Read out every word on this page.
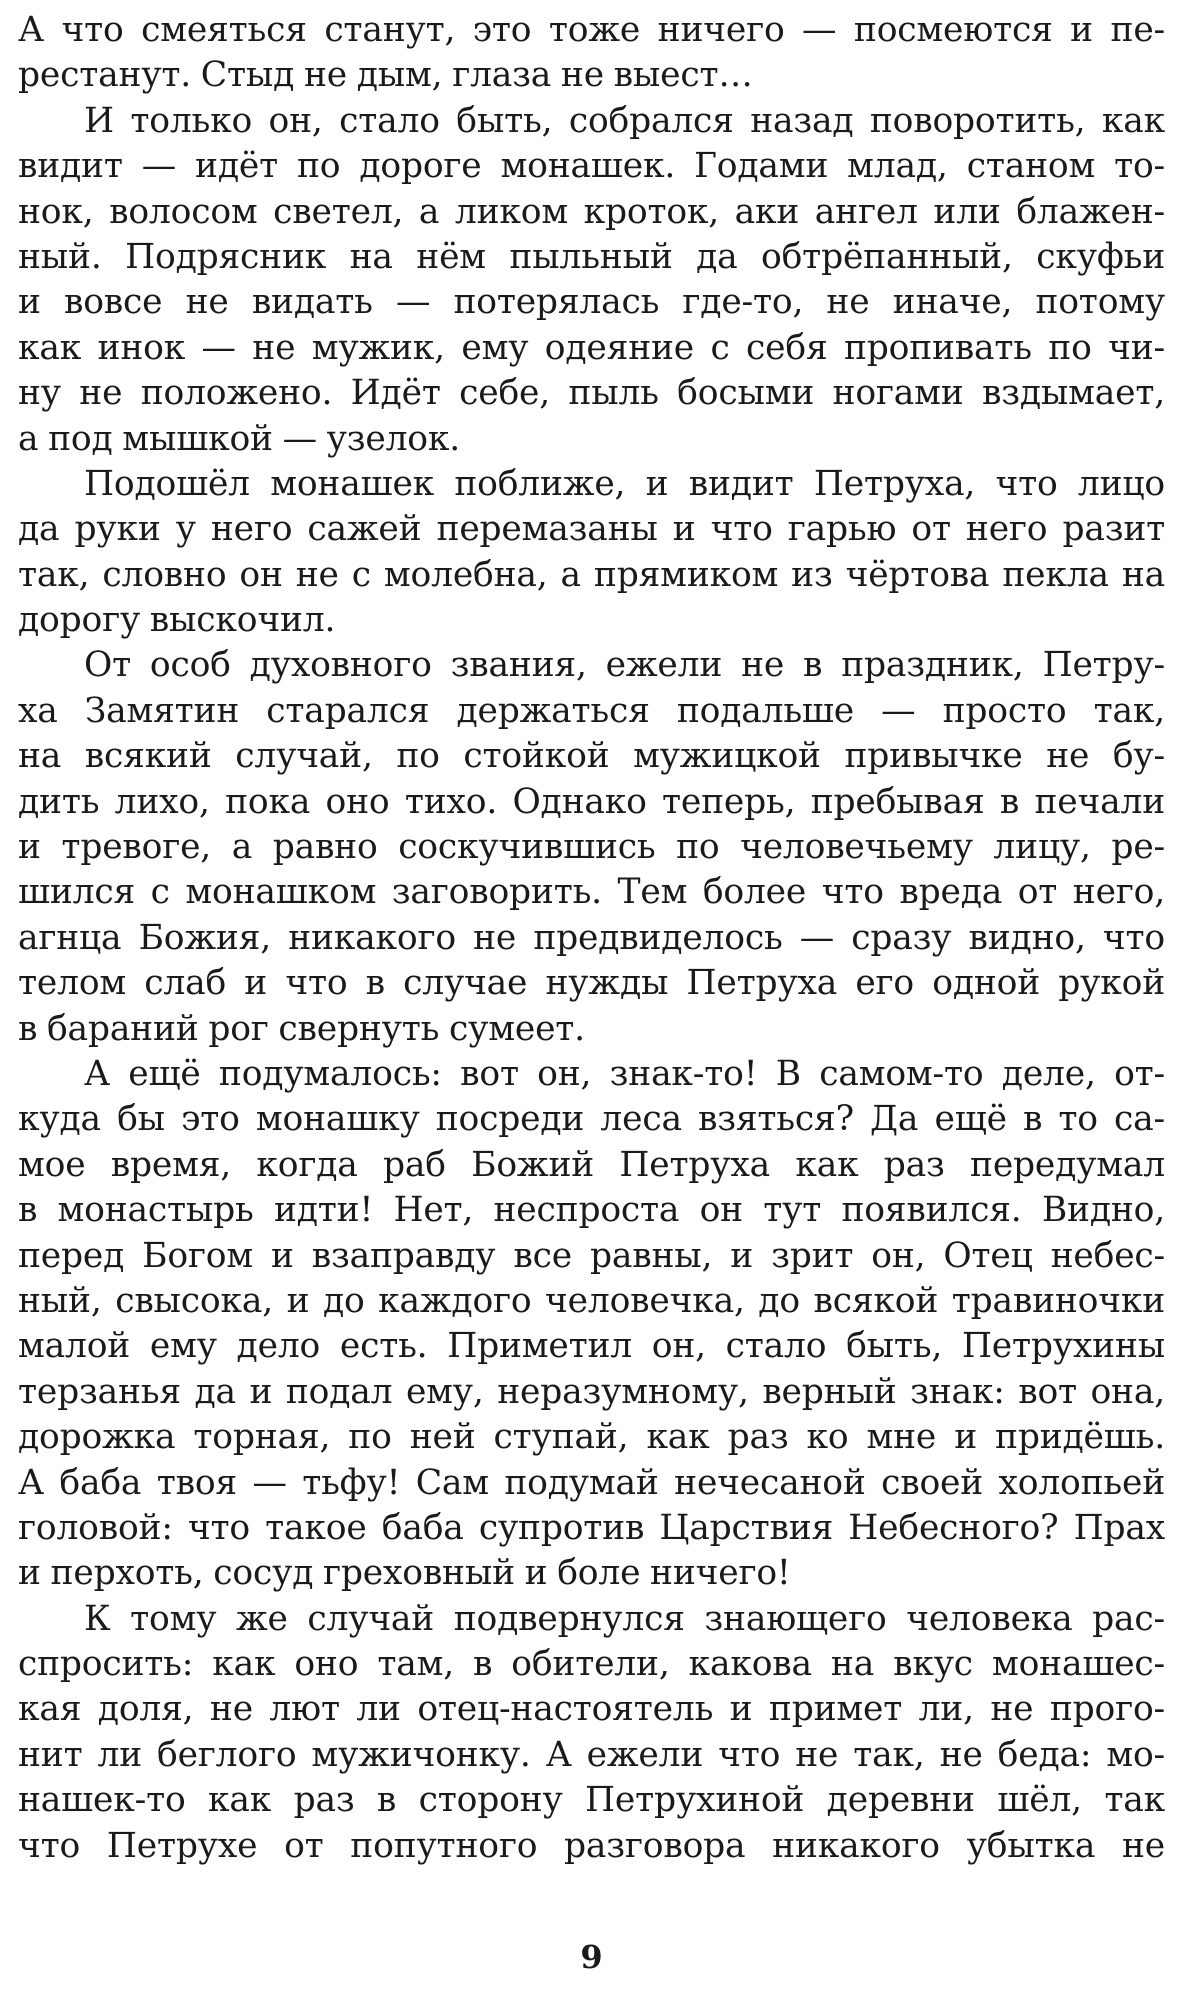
А что смеяться станут, это тоже ничего — посмеются и пе-
рестанут. Стыд не дым, глаза не выест…
И только он, стало быть, собрался назад поворотить, как
видит — идёт по дороге монашек. Годами млад, станом то-
нок, волосом светел, а ликом кроток, аки ангел или блажен-
ный. Подрясник на нём пыльный да обтрёпанный, скуфьи
и вовсе не видать — потерялась где-то, не иначе, потому
как инок — не мужик, ему одеяние с себя пропивать по чи-
ну не положено. Идёт себе, пыль босыми ногами вздымает,
а под мышкой — узелок.
Подошёл монашек поближе, и видит Петруха, что лицо
да руки у него сажей перемазаны и что гарью от него разит
так, словно он не с молебна, а прямиком из чёртова пекла на
дорогу выскочил.
От особ духовного звания, ежели не в праздник, Петру-
ха Замятин старался держаться подальше — просто так,
на всякий случай, по стойкой мужицкой привычке не бу-
дить лихо, пока оно тихо. Однако теперь, пребывая в печали
и тревоге, а равно соскучившись по человечьему лицу, ре-
шился с монашком заговорить. Тем более что вреда от него,
агнца Божия, никакого не предвиделось — сразу видно, что
телом слаб и что в случае нужды Петруха его одной рукой
в бараний рог свернуть сумеет.
А ещё подумалось: вот он, знак-то! В самом-то деле, от-
куда бы это монашку посреди леса взяться? Да ещё в то са-
мое время, когда раб Божий Петруха как раз передумал
в монастырь идти! Нет, неспроста он тут появился. Видно,
перед Богом и взаправду все равны, и зрит он, Отец небес-
ный, свысока, и до каждого человечка, до всякой травиночки
малой ему дело есть. Приметил он, стало быть, Петрухины
терзанья да и подал ему, неразумному, верный знак: вот она,
дорожка торная, по ней ступай, как раз ко мне и придёшь.
А баба твоя — тьфу! Сам подумай нечесаной своей холопьей
головой: что такое баба супротив Царствия Небесного? Прах
и перхоть, сосуд греховный и боле ничего!
К тому же случай подвернулся знающего человека рас-
спросить: как оно там, в обители, какова на вкус монашес-
кая доля, не лют ли отец-настоятель и примет ли, не прого-
нит ли беглого мужичонку. А ежели что не так, не беда: мо-
нашек-то как раз в сторону Петрухиной деревни шёл, так
что Петрухе от попутного разговора никакого убытка не
9
